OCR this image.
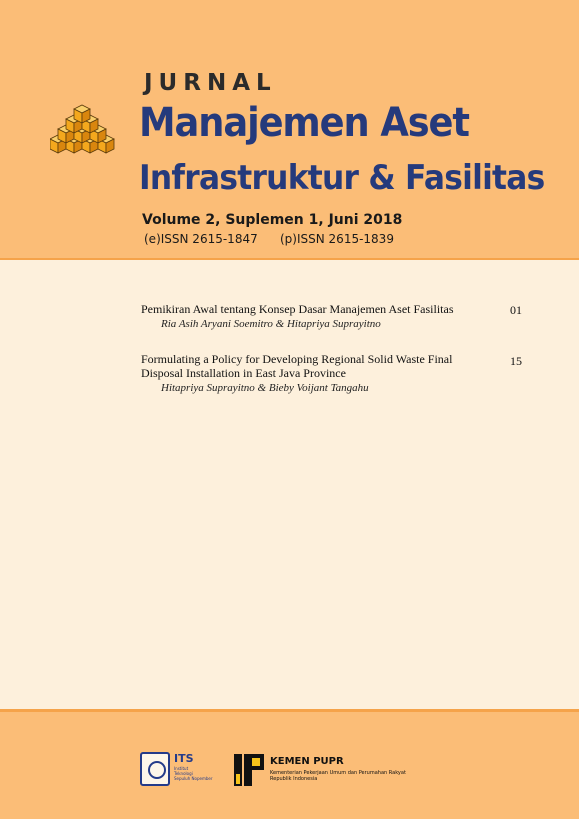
JURNAL
Manajemen Aset
Infrastruktur & Fasilitas
Volume 2, Suplemen 1, Juni 2018
(e)ISSN 2615-1847 (p)ISSN 2615-1839
Pemikiran Awal tentang Konsep Dasar Manajemen Aset Fasilitas
Ria Asih Aryani Soemitro & Hitapriya Suprayitno
01
Formulating a Policy for Developing Regional Solid Waste Final
Disposal Installation in East Java Province
Hitapriya Suprayitno & Bieby Voijant Tangahu
15
ITS
Institut
Teknologi
Sepuluh Nopember
KEMEN PUPR
Kementerian Pekerjaan Umum dan Perumahan Rakyat
Republik Indonesia
